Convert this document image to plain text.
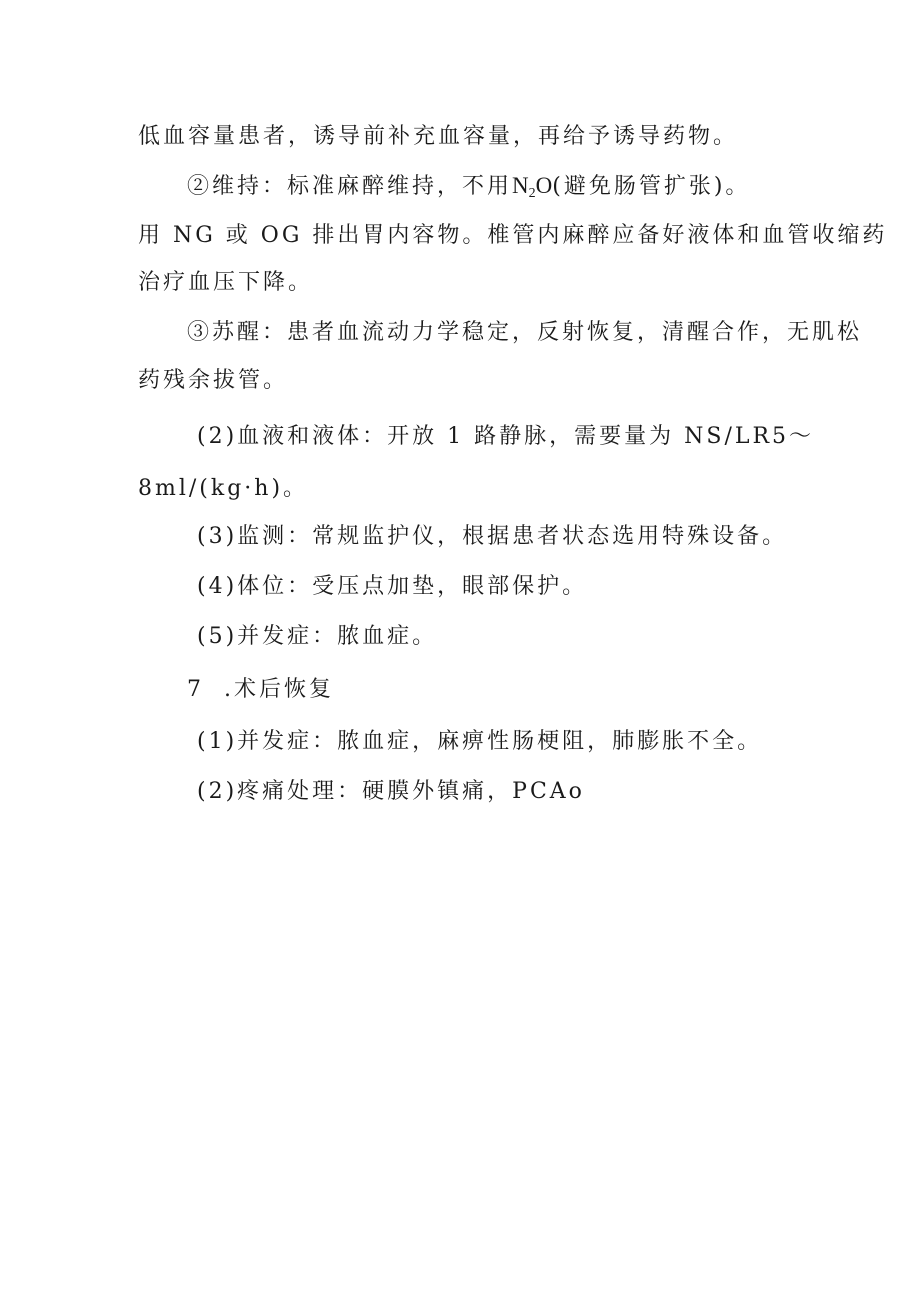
低血容量患者，诱导前补充血容量，再给予诱导药物。
②维持：标准麻醉维持，不用$N_2O$(避免肠管扩张)。
用 NG 或 OG 排出胃内容物。椎管内麻醉应备好液体和血管收缩药
治疗血压下降。
③苏醒：患者血流动力学稳定，反射恢复，清醒合作，无肌松
药残余拔管。
(2)血液和液体：开放 1 路静脉，需要量为 NS/LR5～
8ml/(kg·h)。
(3)监测：常规监护仪，根据患者状态选用特殊设备。
(4)体位：受压点加垫，眼部保护。
(5)并发症：脓血症。
7  .术后恢复
(1)并发症：脓血症，麻痹性肠梗阻，肺膨胀不全。
(2)疼痛处理：硬膜外镇痛，PCAo
